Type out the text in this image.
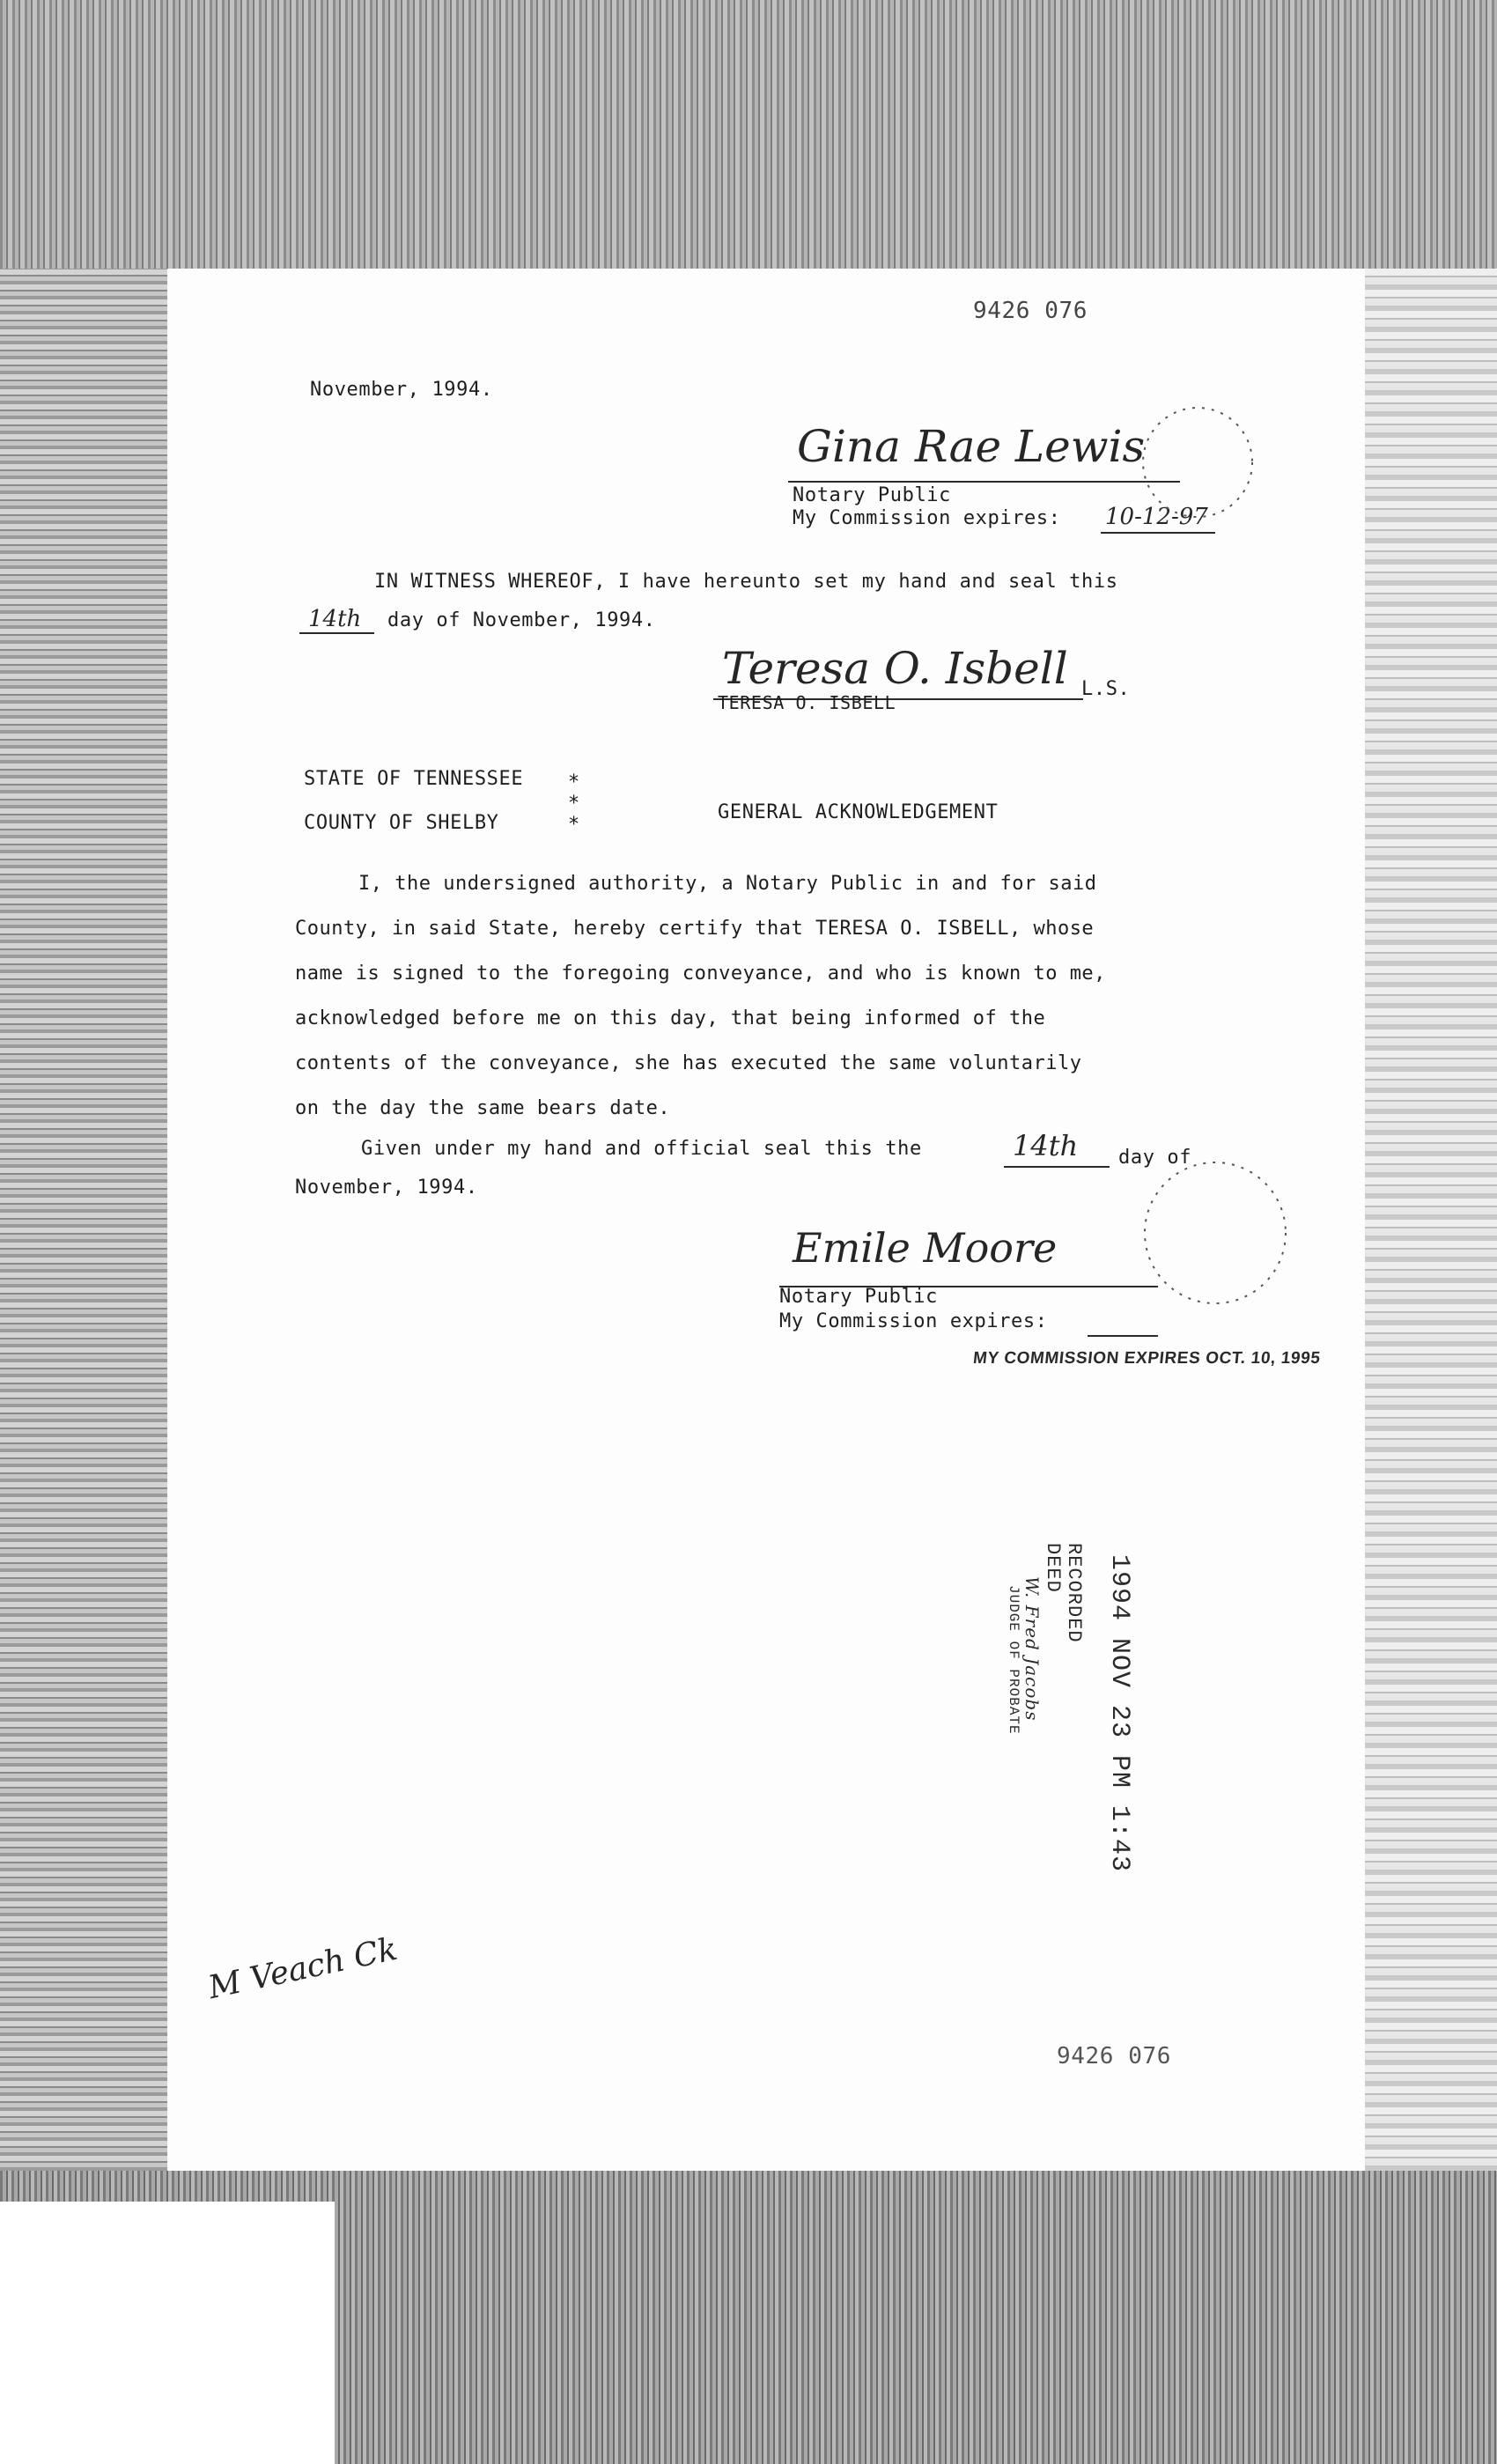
9426 076
November, 1994.
Gina Rae Lewis
Notary Public
My Commission expires: 10-12-97
IN WITNESS WHEREOF, I have hereunto set my hand and seal this
14th day of November, 1994.
Teresa O. Isbell L.S.
TERESA O. ISBELL
STATE OF TENNESSEE *
*
COUNTY OF SHELBY	*
GENERAL ACKNOWLEDGEMENT

I, the undersigned authority, a Notary Public in and for said

County, in said State, hereby certify that TERESA O. ISBELL, whose

name is signed to the foregoing conveyance, and who is known to me,

acknowledged before me on this day, that being informed of the

contents of the conveyance, she has executed the same voluntarily

on the day the same bears date.

Given under my hand and official seal this the	14th day of
November, 1994.
Emile Moore
Notary Public
My Commission expires:
MY COMMISSION EXPIRES OCT. 10, 1995
1994 NOV 23 PM 1:43
RECORDED
DEED
W. Fred Jacobs
JUDGE OF PROBATE
M Veach Ck
9426 076
